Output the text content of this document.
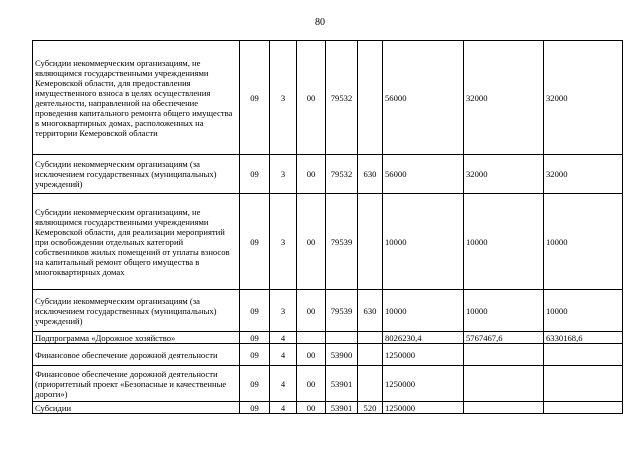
80
Субсидии некоммерческим организациям, не являющимся государственными учреждениями Кемеровской области, для предоставления имущественного взноса в целях осуществления деятельности, направленной на обеспечение проведения капитального ремонта общего имущества в многоквартирных домах, расположенных на территории Кемеровской области	09	3	00	79532		56000	32000	32000
Субсидии некоммерческим организациям (за исключением государственных (муниципальных) учреждений)	09	3	00	79532	630	56000	32000	32000
Субсидии некоммерческим организациям, не являющимся государственными учреждениями Кемеровской области, для реализации мероприятий при освобождении отдельных категорий собственников жилых помещений от уплаты взносов на капитальный ремонт общего имущества в многоквартирных домах	09	3	00	79539		10000	10000	10000
Субсидии некоммерческим организациям (за исключением государственных (муниципальных) учреждений)	09	3	00	79539	630	10000	10000	10000
Подпрограмма «Дорожное хозяйство»	09	4				8026230,4	5767467,6	6330168,6
Финансовое обеспечение дорожной деятельности	09	4	00	53900		1250000		
Финансовое обеспечение дорожной деятельности (приоритетный проект «Безопасные и качественные дороги»)	09	4	00	53901		1250000		
Субсидии	09	4	00	53901	520	1250000		
